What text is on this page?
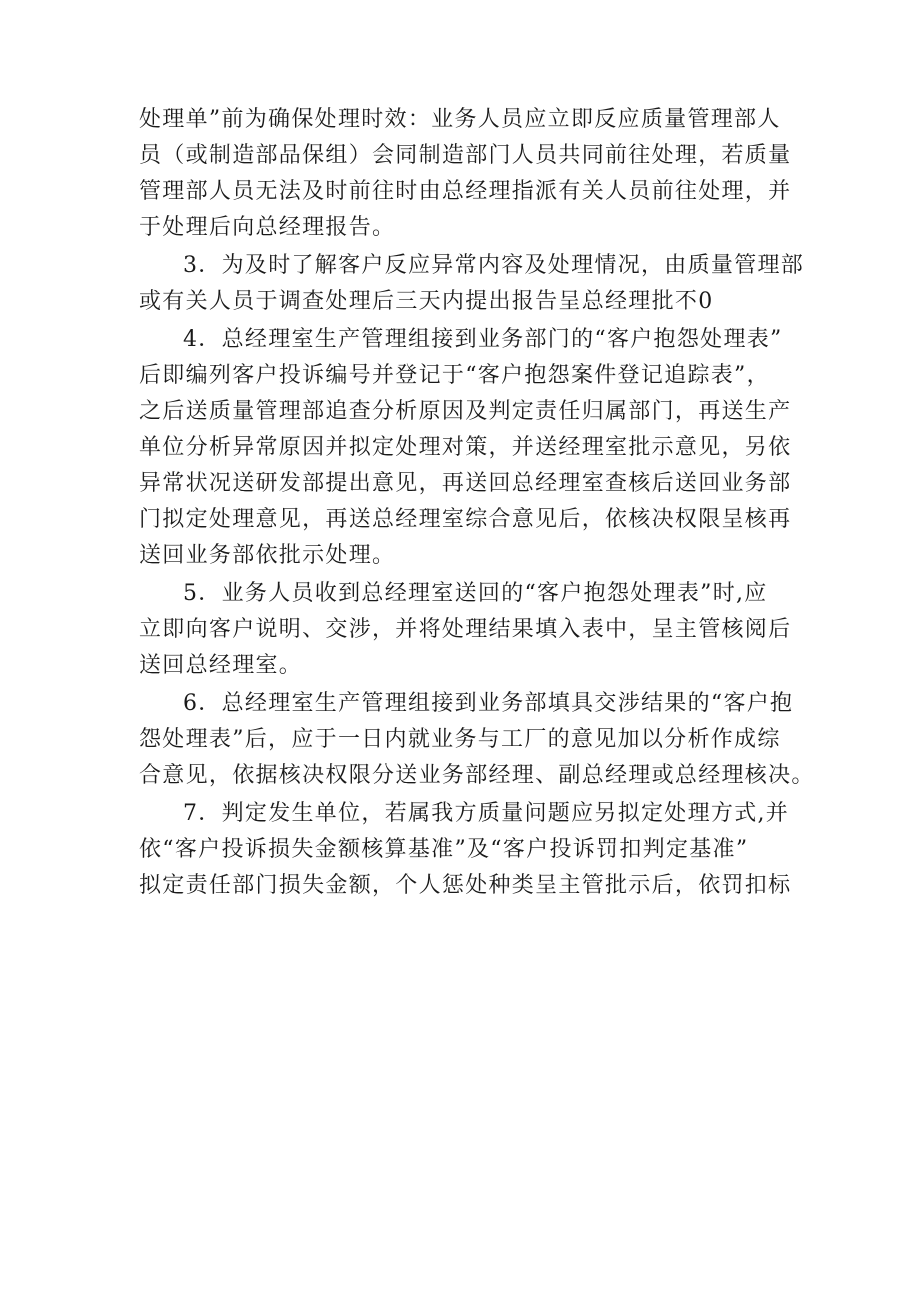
处理单”前为确保处理时效：业务人员应立即反应质量管理部人
员（或制造部品保组）会同制造部门人员共同前往处理，若质量
管理部人员无法及时前往时由总经理指派有关人员前往处理，并
于处理后向总经理报告。
3．为及时了解客户反应异常内容及处理情况，由质量管理部
或有关人员于调查处理后三天内提出报告呈总经理批不0
4．总经理室生产管理组接到业务部门的“客户抱怨处理表”
后即编列客户投诉编号并登记于“客户抱怨案件登记追踪表”，
之后送质量管理部追查分析原因及判定责任归属部门，再送生产
单位分析异常原因并拟定处理对策，并送经理室批示意见，另依
异常状况送研发部提出意见，再送回总经理室查核后送回业务部
门拟定处理意见，再送总经理室综合意见后，依核决权限呈核再
送回业务部依批示处理。
5．业务人员收到总经理室送回的“客户抱怨处理表”时,应
立即向客户说明、交涉，并将处理结果填入表中，呈主管核阅后
送回总经理室。
6．总经理室生产管理组接到业务部填具交涉结果的“客户抱
怨处理表”后，应于一日内就业务与工厂的意见加以分析作成综
合意见，依据核决权限分送业务部经理、副总经理或总经理核决。
7．判定发生单位，若属我方质量问题应另拟定处理方式,并
依“客户投诉损失金额核算基准”及“客户投诉罚扣判定基准”
拟定责任部门损失金额，个人惩处种类呈主管批示后，依罚扣标
